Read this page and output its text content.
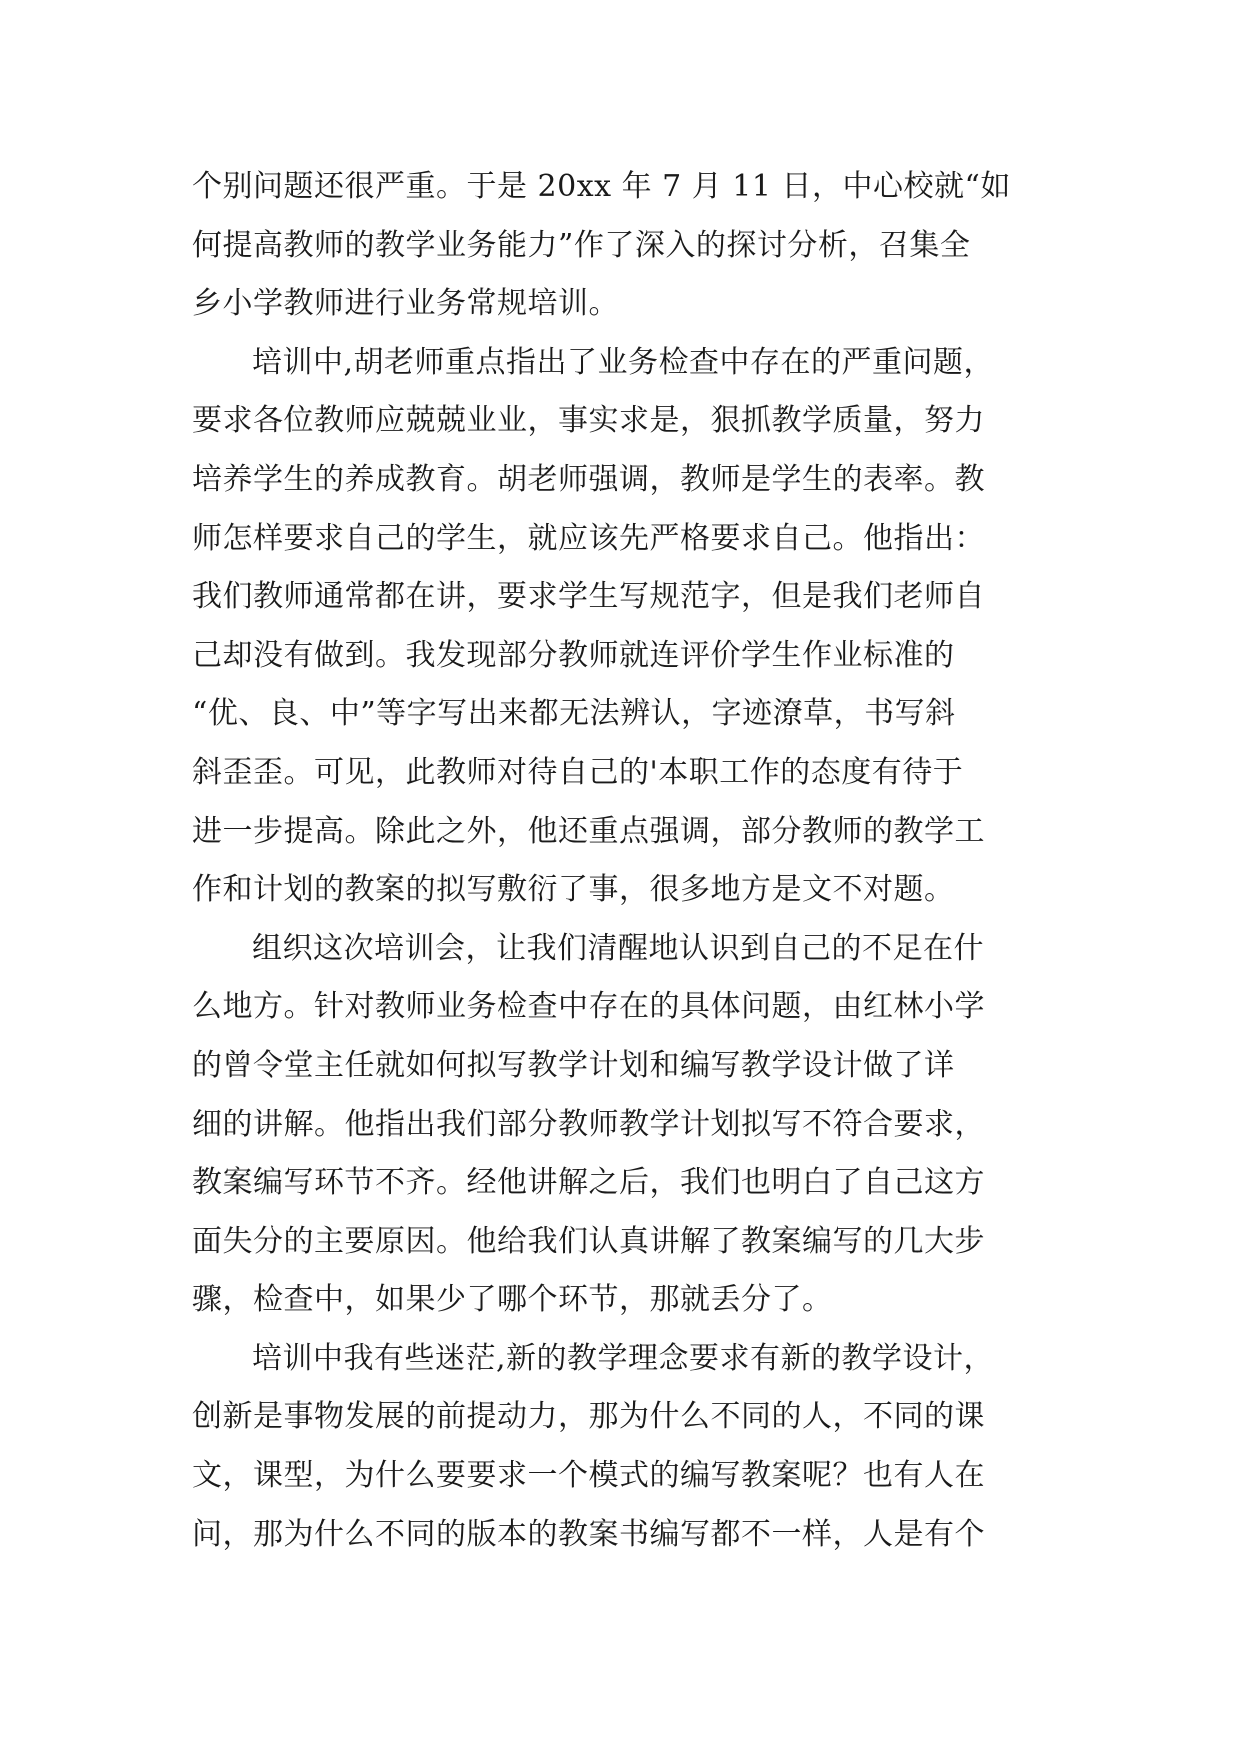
个别问题还很严重。于是 20xx 年 7 月 11 日，中心校就“如
何提高教师的教学业务能力”作了深入的探讨分析，召集全
乡小学教师进行业务常规培训。
培训中,胡老师重点指出了业务检查中存在的严重问题，
要求各位教师应兢兢业业，事实求是，狠抓教学质量，努力
培养学生的养成教育。胡老师强调，教师是学生的表率。教
师怎样要求自己的学生，就应该先严格要求自己。他指出：
我们教师通常都在讲，要求学生写规范字，但是我们老师自
己却没有做到。我发现部分教师就连评价学生作业标准的
“优、良、中”等字写出来都无法辨认，字迹潦草，书写斜
斜歪歪。可见，此教师对待自己的'本职工作的态度有待于
进一步提高。除此之外，他还重点强调，部分教师的教学工
作和计划的教案的拟写敷衍了事，很多地方是文不对题。
组织这次培训会，让我们清醒地认识到自己的不足在什
么地方。针对教师业务检查中存在的具体问题，由红林小学
的曾令堂主任就如何拟写教学计划和编写教学设计做了详
细的讲解。他指出我们部分教师教学计划拟写不符合要求，
教案编写环节不齐。经他讲解之后，我们也明白了自己这方
面失分的主要原因。他给我们认真讲解了教案编写的几大步
骤，检查中，如果少了哪个环节，那就丢分了。
培训中我有些迷茫,新的教学理念要求有新的教学设计，
创新是事物发展的前提动力，那为什么不同的人，不同的课
文，课型，为什么要要求一个模式的编写教案呢？也有人在
问，那为什么不同的版本的教案书编写都不一样，人是有个
